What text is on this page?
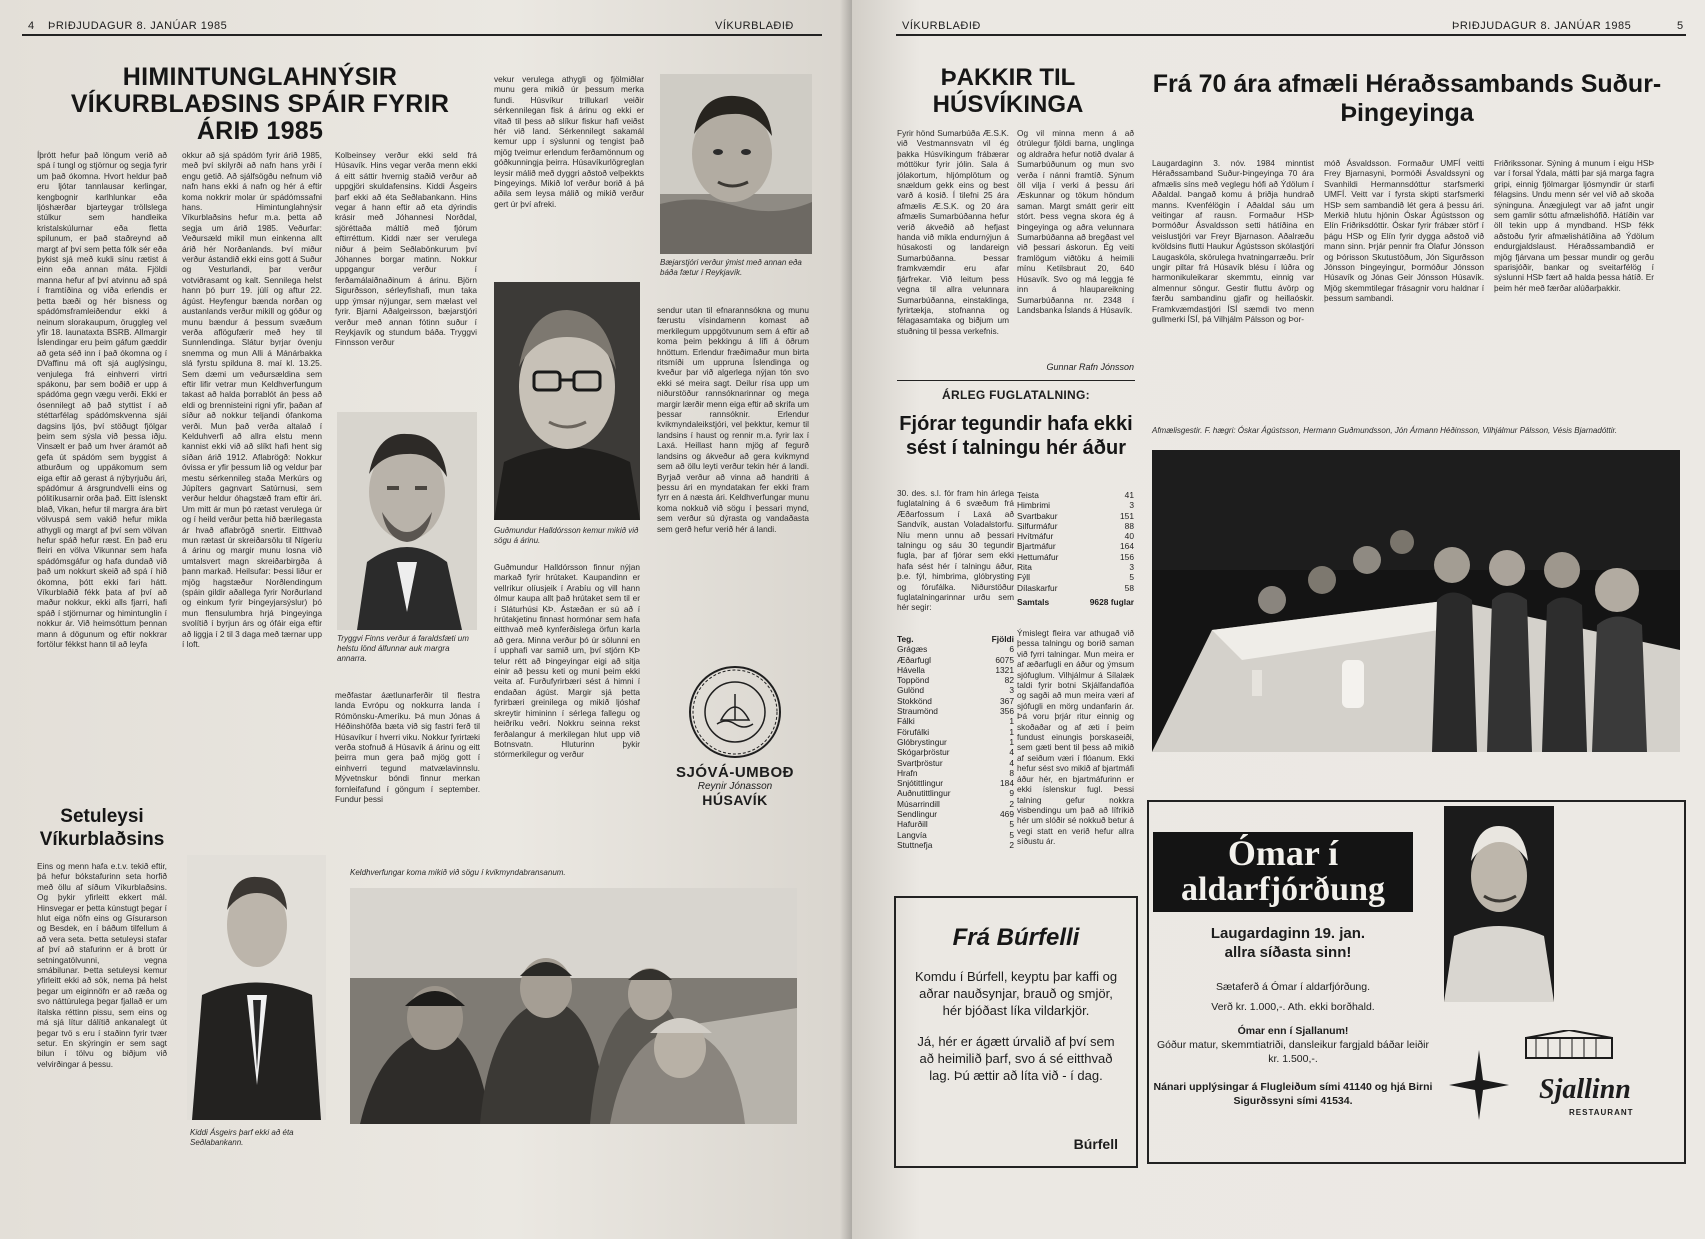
4 ÞRIÐJUDAGUR 8. JANÚAR 1985	VÍKURBLAÐIÐ
HIMINTUNGLAHNÝSIR VÍKURBLAÐSINS SPÁIR FYRIR ÁRIÐ 1985

Íþrótt hefur það löngum verið að spá í tungl og stjörnur og segja fyrir um það ókomna. Hvort heldur það eru ljótar tannlausar kerlingar, kengbognir karlhlunkar eða ljóshærðar bjarteygar tröllslega stúlkur sem handleika kristalskúlurnar eða fletta spilunum, er það staðreynd að margt af því sem þetta fólk sér eða þykist sjá með kukli sínu rætist á einn eða annan máta. Fjöldi manna hefur af því atvinnu að spá í framtíðina og viða erlendis er þetta bæði og hér bisness og spádómsframleiðendur ekki á neinum slorakaupum, öruggleg vel yfir 18. launataxta BSRB. Allmargir Íslendingar eru þeim gáfum gæddir að geta séð inn í það ókomna og í DVaffinu má oft sjá auglýsingu, venjulega frá einhverri virtri spákonu, þar sem boðið er upp á spádóma gegn vægu verði. Ekki er ósennilegt að það styttist í að stéttarfélag spádómskvenna sjái dagsins ljós, því stöðugt fjölgar þeim sem sýsla við þessa iðju. Vinsælt er það um hver áramót að gefa út spádóm sem byggist á atburðum og uppákomum sem eiga eftir að gerast á nýbyrjuðu ári, spádómur á ársgrundvelli eins og pólitíkusarnir orða það. Eitt íslenskt blað, Vikan, hefur til margra ára birt völvuspá sem vakið hefur mikla athygli og margt af því sem völvan hefur spáð hefur ræst. En það eru fleiri en völva Vikunnar sem hafa spádómsgáfur og hafa dundað við það um nokkurt skeið að spá í hið ókomna, þótt ekki fari hátt. Víkurblaðið fékk þata af því að maður nokkur, ekki alls fjarri, hafi spáð í stjörnurnar og himintunglin í nokkur ár. Við heimsóttum þennan mann á dögunum og eftir nokkrar fortölur fékkst hann til að leyfa

okkur að sjá spádóm fyrir árið 1985, með því skilyrði að nafn hans yrði í engu getið. Að sjálfsögðu nefnum við nafn hans ekki á nafn og hér á eftir koma nokkrir molar úr spádómssafni hans. Himintunglahnýsir Víkurblaðsins hefur m.a. þetta að segja um árið 1985. Veðurfar: Veðursæld mikil mun einkenna allt árið hér Norðanlands. Því miður verður ástandið ekki eins gott á Suður og Vesturlandi, þar verður votviðrasamt og kalt. Sennilega helst hann þó þurr 19. júlí og aftur 22. ágúst. Heyfengur bænda norðan og austanlands verður mikill og góður og munu bændur á þessum svæðum verða aflögufærir með hey til Sunnlendinga. Slátur byrjar óvenju snemma og mun Alli á Mánárbakka slá fyrstu spilduna 8. maí kl. 13.25. Sem dæmi um veðursældina sem eftir lifir vetrar mun Keldhverfungum takast að halda þorrablót án þess að eldi og brennisteini rigni yfir, þaðan af síður að nokkur teljandi ófankoma verði. Mun það verða altalað í Kelduhverfi að allra elstu menn kannist ekki við að slíkt hafi hent sig síðan árið 1912. Aflabrögð: Nokkur óvissa er yfir þessum lið og veldur þar mestu sérkennileg staða Merkúrs og Júpíters gagnvart Satúrnusi, sem verður heldur óhagstæð fram eftir ári. Um mitt ár mun þó rætast verulega úr og í heild verður þetta hið bærilegasta ár hvað aflabrögð snertir. Eitthvað mun rætast úr skreiðarsölu til Nígeríu á árinu og margir munu losna við umtalsvert magn skreiðarbirgða á þann markað. Heilsufar: Þessi liður er mjög hagstæður Norðlendingum (spáin gildir aðallega fyrir Norðurland og einkum fyrir Þingeyjarsýslur) þó mun flensulumbra hrjá Þingeyinga svolítið í byrjun árs og ófáir eiga eftir að liggja í 2 til 3 daga með tærnar upp í loft.

Kolbeinsey verður ekki seld frá Húsavík. Hins vegar verða menn ekki á eitt sáttir hvernig staðið verður að uppgjöri skuldafensins. Kiddi Ásgeirs þarf ekki að éta Seðlabankann. Hins vegar á hann eftir að eta dýrindis krásir með Jóhannesi Norðdal, sjöréttaða máltíð með fjórum eftirréttum. Kiddi nær ser verulega niður á þeim Seðlabönkurum því Jóhannes borgar matinn. Nokkur uppgangur verður í ferðamálaiðnaðinum á árinu. Björn Sigurðsson, sérleyfishafi, mun taka upp ýmsar nýjungar, sem mælast vel fyrir. Bjarni Aðalgeirsson, bæjarstjóri verður með annan fótinn suður í Reykjavík og stundum báða. Tryggvi Finnsson verður

Tryggvi Finns verður á faraldsfæti um helstu lönd álfunnar auk margra annarra.

vekur verulega athygli og fjölmiðlar munu gera mikið úr þessum merka fundi. Húsvíkur trillukarl veiðir sérkennilegan fisk á árinu og ekki er vitað til þess að slíkur fiskur hafi veiðst hér við land. Sérkennilegt sakamál kemur upp í sýslunni og tengist það mjög tveimur erlendum ferðamönnum og góðkunningja þeirra. Húsavíkurlögreglan leysir málið með dyggri aðstoð velþekkts Þingeyings. Mikið lof verður borið á þá aðila sem leysa málið og mikið verður gert úr því afreki.

Guðmundur Halldórsson kemur mikið við sögu á árinu.

Bæjarstjóri verður ýmist með annan eða báða fætur í Reykjavík.

sendur utan til efnarannsókna og munu færustu vísindamenn komast að merkilegum uppgötvunum sem á eftir að koma þeim þekkingu á lífi á öðrum hnöttum. Erlendur fræðimaður mun birta ritsmíði um uppruna Íslendinga og kveður þar við algerlega nýjan tón svo ekki sé meira sagt. Deilur rísa upp um niðurstöður rannsóknarinnar og mega margir lærðir menn eiga eftir að skrifa um þessar rannsóknir. Erlendur kvikmyndaleikstjóri, vel þekktur, kemur til landsins í haust og rennir m.a. fyrir lax í Laxá. Heillast hann mjög af fegurð landsins og ákveður að gera kvikmynd sem að öllu leyti verður tekin hér á landi. Byrjað verður að vinna að handriti á þessu ári en myndatakan fer ekki fram fyrr en á næsta ári. Keldhverfungar munu koma nokkuð við sögu í þessari mynd, sem verður sú dýrasta og vandaðasta sem gerð hefur verið hér á landi.

Guðmundur Halldórsson finnur nýjan markað fyrir hrútaket. Kaupandinn er vellríkur olíusjeik í Arabíu og vill hann ólmur kaupa allt það hrútaket sem til er í Sláturhúsi KÞ. Ástæðan er sú að í hrútakjetinu finnast hormónar sem hafa eitthvað með kynferðislega örfun karla að gera. Minna verður þó úr sölunni en í upphafi var samið um, því stjórn KÞ telur rétt að Þingeyingar eigi að sitja einir að þessu keti og muni þeim ekki veita af. Furðufyrirbæri sést á himni í endaðan ágúst. Margir sjá þetta fyrirbæri greinilega og mikið ljóshaf skreytir himininn í sérlega fallegu og heiðríku veðri. Nokkru seinna rekst ferðalangur á merkilegan hlut upp við Botnsvatn. Hluturinn þykir stórmerkilegur og verður

meðfastar áætlunarferðir til flestra landa Evrópu og nokkurra landa í Rómönsku-Ameríku. Þá mun Jónas á Héðinshöfða bæta við sig fastri ferð til Húsavíkur í hverri viku. Nokkur fyrirtæki verða stofnuð á Húsavík á árinu og eitt þeirra mun gera það mjög gott í einhverri tegund matvælavinnslu. Mývetnskur bóndi finnur merkan fornleifafund í göngum í september. Fundur þessi

SJÓVÁ-UMBOÐ
Reynir Jónasson
HÚSAVÍK
Setuleysi Víkurblaðsins

Eins og menn hafa e.t.v. tekið eftir, þá hefur bókstafurinn seta horfið með öllu af síðum Víkurblaðsins. Og þykir yfirleitt ekkert mál. Hinsvegar er þetta kúnstugt þegar í hlut eiga nöfn eins og Gísurarson og Besdek, en í báðum tilfellum á að vera seta. Þetta setuleysi stafar af því að stafurinn er á brott úr setningatölvunni, vegna smábilunar. Þetta setuleysi kemur yfirleitt ekki að sök, nema þá helst þegar um eiginnöfn er að ræða og svo náttúrulega þegar fjallað er um ítalska réttinn pissu, sem eins og má sjá lítur dálítið ankanalegt út þegar tvö s eru í staðinn fyrir tvær setur. En skýringin er sem sagt bilun í tölvu og biðjum við velvirðingar á þessu.

Kiddi Ásgeirs þarf ekki að éta Seðlabankann.

Keldhverfungar koma mikið við sögu í kvikmyndabransanum.

VÍKURBLAÐIÐ	ÞRIÐJUDAGUR 8. JANÚAR 1985	5
ÞAKKIR TIL HÚSVÍKINGA

Fyrir hönd Sumarbúða Æ.S.K. við Vestmannsvatn vil ég þakka Húsvíkingum frábærar móttökur fyrir jólin. Sala á jólakortum, hljómplötum og snældum gekk eins og best varð á kosið. Í tilefni 25 ára afmælis Æ.S.K. og 20 ára afmælis Sumarbúðanna hefur verið ákveðið að hefjast handa við mikla endurnýjun á húsakosti og landareign Sumarbúðanna. Þessar framkvæmdir eru afar fjárfrekar. Við leitum þess vegna til allra velunnara Sumarbúðanna, einstaklinga, fyrirtækja, stofnanna og félagasamtaka og biðjum um stuðning til þessa verkefnis.

Og vil minna menn á að ótrúlegur fjöldi barna, unglinga og aldraðra hefur notið dvalar á Sumarbúðunum og mun svo verða í nánni framtíð. Sýnum öll vilja í verki á þessu ári Æskunnar og tökum höndum saman. Margt smátt gerir eitt stórt. Þess vegna skora ég á Þingeyinga og aðra velunnara Sumarbúðanna að bregðast vel við þessari áskorun. Ég veiti framlögum viðtöku á heimili mínu Ketilsbraut 20, 640 Húsavík. Svo og má leggja fé inn á hlaupareikning Sumarbúðanna nr. 2348 í Landsbanka Íslands á Húsavík.

Gunnar Rafn Jónsson
ÁRLEG FUGLATALNING:
Fjórar tegundir hafa ekki sést í talningu hér áður

30. des. s.l. fór fram hin árlega fuglatalning á 6 svæðum frá Æðarfossum í Laxá að Sandvík, austan Voladalstorfu. Níu menn unnu að þessari talningu og sáu 30 tegundir fugla, þar af fjórar sem ekki hafa sést hér í talningu áður, þ.e. fýl, himbrima, glóbrysting og fórufálka. Niðurstöður fuglatalningarinnar urðu sem hér segir:

Teg.	Fjöldi
Grágæs	6
Æðarfugl	6075
Hávella	1321
Toppönd	82
Gulönd	3
Stokkönd	367
Straumönd	356
Fálki	1
Förufálki	1
Glóbrystingur	1
Skógarþröstur	4
Svartþröstur	4
Hrafn	8
Snjótittlingur	184
Auðnutittlingur	9
Músarrindill	2
Sendlingur	469
Hafurðill	5
Langvía	5
Stuttnefja	2
Teista	41
Himbrimi	3
Svartbakur	151
Silfurmáfur	88
Hvítmáfur	40
Bjartmáfur	164
Hettumáfur	156
Rita	3
Fýll	5
Dílaskarfur	58
Samtals	9628 fuglar

Ýmislegt fleira var athugað við þessa talningu og borið saman við fyrri talningar. Mun meira er af æðarfugli en áður og ýmsum sjófuglum. Vilhjálmur á Sílalæk taldi fyrir botni Skjálfandaflóa og sagði að mun meira væri af sjófugli en mörg undanfarin ár. Þá voru þrjár ritur einnig og skoðaðar og af æti í þeim fundust einungis þorskaseiði, sem gæti bent til þess að mikið af seiðum væri í flóanum. Ekki hefur sést svo mikið af bjartmáfi áður hér, en bjartmáfurinn er ekki íslenskur fugl. Þessi talning gefur nokkra visbendingu um það að lífríkið hér um slóðir sé nokkuð betur á vegi statt en verið hefur allra síðustu ár.

Frá Búrfelli

Komdu í Búrfell, keyptu þar kaffi og aðrar nauðsynjar, brauð og smjör, hér bjóðast líka vildarkjör.

Já, hér er ágætt úrvalið af því sem að heimilið þarf, svo á sé eitthvað lag. Þú ættir að líta við - í dag.

Búrfell
Frá 70 ára afmæli Héraðssambands Suður-Þingeyinga

Laugardaginn 3. nóv. 1984 minntist Héraðssamband Suður-Þingeyinga 70 ára afmælis síns með veglegu hófi að Ýdölum í Aðaldal. Þangað komu á þriðja hundrað manns. Kvenfélögin í Aðaldal sáu um veitingar af rausn. Formaður HSÞ Þormóður Ásvaldsson setti hátíðina en veislustjóri var Freyr Bjarnason. Aðalræðu kvöldsins flutti Haukur Ágústsson skólastjóri Laugaskóla, skörulega hvatningarræðu. Þrír ungir piltar frá Húsavík blésu í lúðra og harmonikuleikarar skemmtu, einnig var almennur söngur. Gestir fluttu ávörp og færðu sambandinu gjafir og heillaóskir. Framkvæmdastjóri ÍSÍ sæmdi tvo menn gullmerki ÍSÍ, þá Vilhjálm Pálsson og Þor-

móð Ásvaldsson. Formaður UMFÍ veitti Frey Bjarnasyni, Þormóði Ásvaldssyni og Svanhildi Hermannsdóttur starfsmerki UMFÍ. Veitt var í fyrsta skipti starfsmerki HSÞ sem sambandið lét gera á þessu ári. Merkið hlutu hjónin Óskar Ágústsson og Elín Friðriksdóttir. Óskar fyrir frábær störf í þágu HSÞ og Elín fyrir dygga aðstoð við mann sinn. Þrjár pennir fra Ólafur Jónsson og Þórisson Skutustöðum, Jón Sigurðsson Jónsson Þingeyingur, Þormóður Jónsson Húsavík og Jónas Geir Jónsson Húsavík. Mjög skemmtilegar frásagnir voru haldnar í þessum sambandi.

Friðrikssonar. Sýning á munum í eigu HSÞ var í forsal Ýdala, mátti þar sjá marga fagra gripi, einnig fjölmargar ljósmyndir úr starfi félagsins. Undu menn sér vel við að skoða sýninguna. Ánægjulegt var að jafnt ungir sem gamlir sóttu afmælishófið. Hátíðin var öll tekin upp á myndband. HSÞ fékk aðstoðu fyrir afmælishátíðina að Ýdölum endurgjaldslaust. Héraðssambandið er mjög fjárvana um þessar mundir og gerðu sparisjóðir, bankar og sveitarfélög í sýslunni HSÞ fært að halda þessa hátíð. Er þeim hér með færðar alúðarþakkir.

Afmælisgestir. F. hægri: Óskar Ágústsson, Hermann Guðmundsson, Jón Ármann Héðinsson, Vilhjálmur Pálsson, Vésis Bjarnadóttir.

Ómar í
aldarfjórðung
Laugardaginn 19. jan.
allra síðasta sinn!
Sætaferð á Ómar í aldarfjórðung.
Verð kr. 1.000,-. Ath. ekki borðhald.
Ómar enn í Sjallanum!
Góður matur, skemmtiatriði, dansleikur fargjald báðar leiðir kr. 1.500,-.
Nánari upplýsingar á Flugleiðum sími 41140 og hjá Birni Sigurðssyni sími 41534.	Sjallinn
RESTAURANT
